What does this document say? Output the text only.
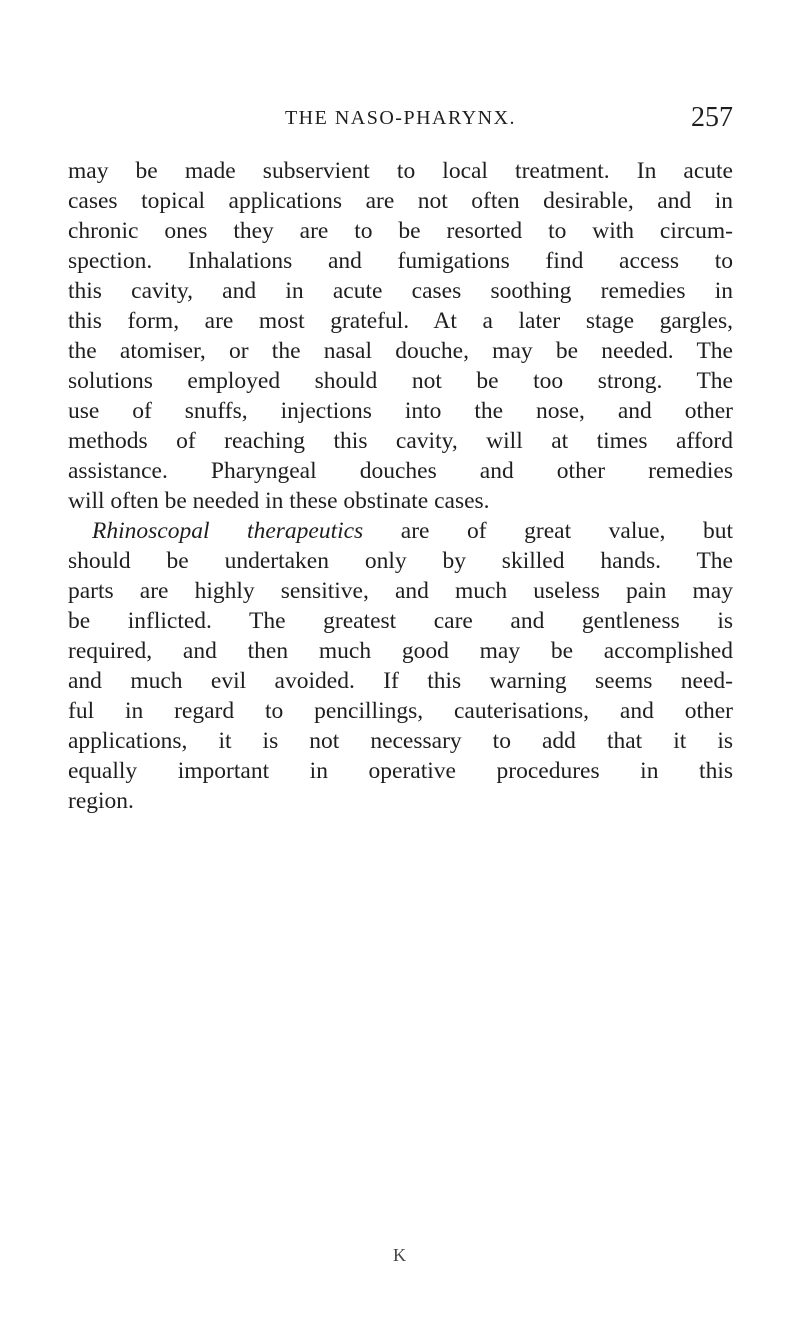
THE NASO-PHARYNX.	257
may be made subservient to local treatment. In acute
cases topical applications are not often desirable, and in
chronic ones they are to be resorted to with circum-
spection. Inhalations and fumigations find access to
this cavity, and in acute cases soothing remedies in
this form, are most grateful. At a later stage gargles,
the atomiser, or the nasal douche, may be needed. The
solutions employed should not be too strong. The
use of snuffs, injections into the nose, and other
methods of reaching this cavity, will at times afford
assistance. Pharyngeal douches and other remedies
will often be needed in these obstinate cases.
Rhinoscopal therapeutics are of great value, but
should be undertaken only by skilled hands. The
parts are highly sensitive, and much useless pain may
be inflicted. The greatest care and gentleness is
required, and then much good may be accomplished
and much evil avoided. If this warning seems need-
ful in regard to pencillings, cauterisations, and other
applications, it is not necessary to add that it is
equally important in operative procedures in this
region.
K
